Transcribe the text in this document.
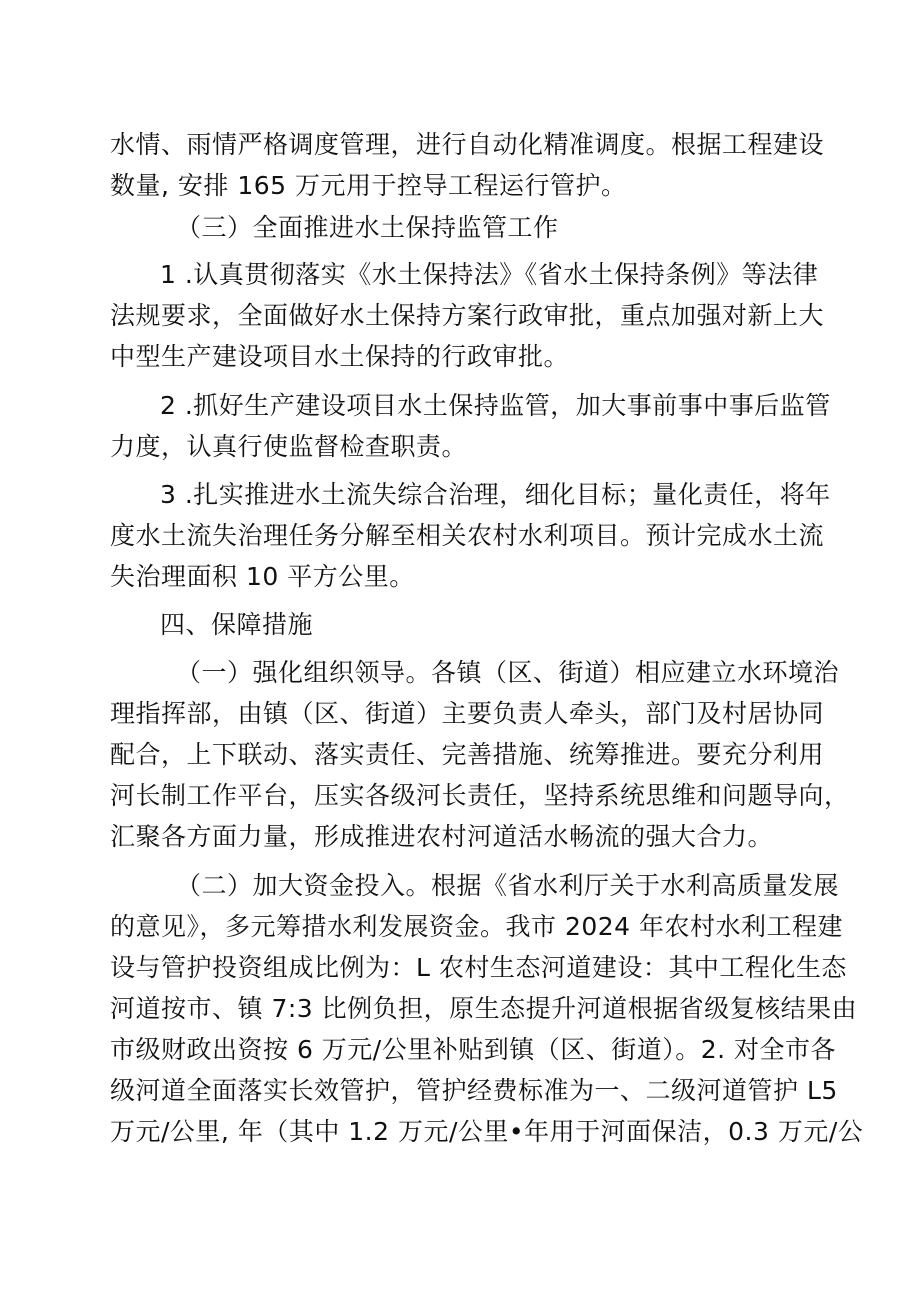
水情、雨情严格调度管理，进行自动化精准调度。根据工程建设
数量, 安排 165 万元用于控导工程运行管护。
（三）全面推进水土保持监管工作
1 .认真贯彻落实《水土保持法》《省水土保持条例》等法律
法规要求，全面做好水土保持方案行政审批，重点加强对新上大
中型生产建设项目水土保持的行政审批。
2 .抓好生产建设项目水土保持监管，加大事前事中事后监管
力度，认真行使监督检查职责。
3 .扎实推进水土流失综合治理，细化目标；量化责任，将年
度水土流失治理任务分解至相关农村水利项目。预计完成水土流
失治理面积 10 平方公里。
四、保障措施
（一）强化组织领导。各镇（区、街道）相应建立水环境治
理指挥部，由镇（区、街道）主要负责人牵头，部门及村居协同
配合，上下联动、落实责任、完善措施、统筹推进。要充分利用
河长制工作平台，压实各级河长责任，坚持系统思维和问题导向，
汇聚各方面力量，形成推进农村河道活水畅流的强大合力。
（二）加大资金投入。根据《省水利厅关于水利高质量发展
的意见》，多元筹措水利发展资金。我市 2024 年农村水利工程建
设与管护投资组成比例为：L 农村生态河道建设：其中工程化生态
河道按市、镇 7:3 比例负担，原生态提升河道根据省级复核结果由
市级财政出资按 6 万元/公里补贴到镇（区、街道）。2. 对全市各
级河道全面落实长效管护，管护经费标准为一、二级河道管护 L5
万元/公里, 年（其中 1.2 万元/公里•年用于河面保洁，0.3 万元/公
